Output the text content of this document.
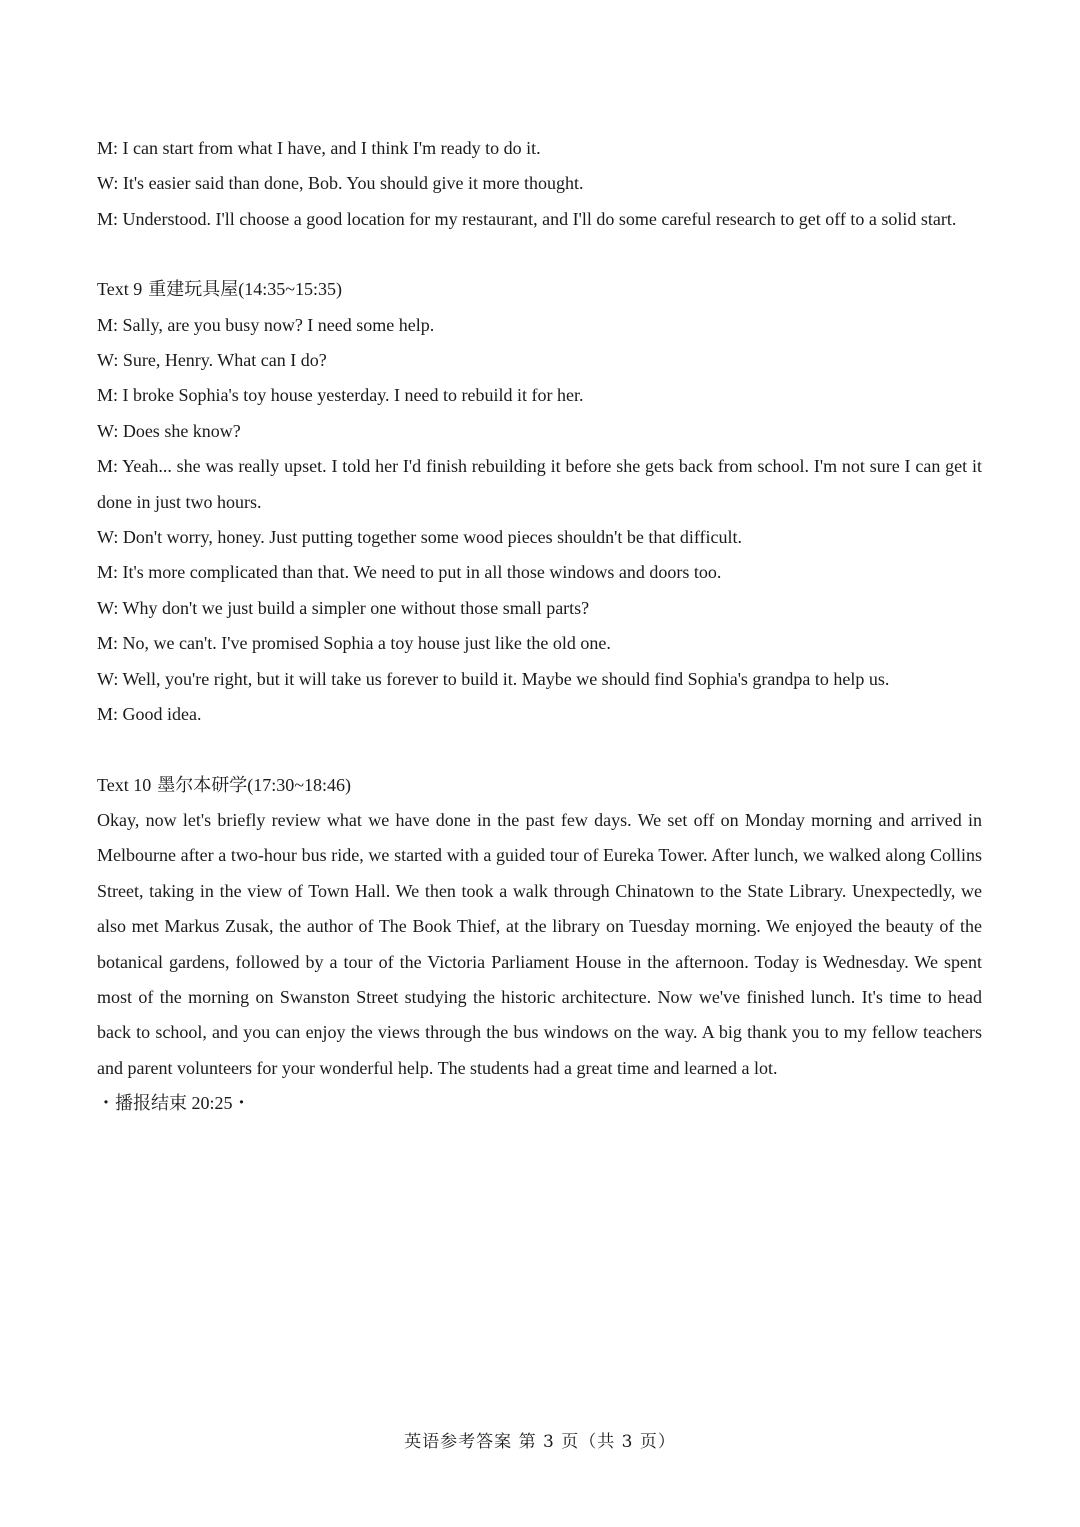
M: I can start from what I have, and I think I'm ready to do it.

W: It's easier said than done, Bob. You should give it more thought.

M: Understood. I'll choose a good location for my restaurant, and I'll do some careful research to get off to a solid start.

Text 9 重建玩具屋(14:35~15:35)

M: Sally, are you busy now? I need some help.

W: Sure, Henry. What can I do?

M: I broke Sophia's toy house yesterday. I need to rebuild it for her.

W: Does she know?

M: Yeah... she was really upset. I told her I'd finish rebuilding it before she gets back from school. I'm not sure I can get it done in just two hours.

W: Don't worry, honey. Just putting together some wood pieces shouldn't be that difficult.

M: It's more complicated than that. We need to put in all those windows and doors too.

W: Why don't we just build a simpler one without those small parts?

M: No, we can't. I've promised Sophia a toy house just like the old one.

W: Well, you're right, but it will take us forever to build it. Maybe we should find Sophia's grandpa to help us.

M: Good idea.

Text 10 墨尔本研学(17:30~18:46)

Okay, now let's briefly review what we have done in the past few days. We set off on Monday morning and arrived in Melbourne after a two-hour bus ride, we started with a guided tour of Eureka Tower. After lunch, we walked along Collins Street, taking in the view of Town Hall. We then took a walk through Chinatown to the State Library. Unexpectedly, we also met Markus Zusak, the author of The Book Thief, at the library on Tuesday morning. We enjoyed the beauty of the botanical gardens, followed by a tour of the Victoria Parliament House in the afternoon. Today is Wednesday. We spent most of the morning on Swanston Street studying the historic architecture. Now we've finished lunch. It's time to head back to school, and you can enjoy the views through the bus windows on the way. A big thank you to my fellow teachers and parent volunteers for your wonderful help. The students had a great time and learned a lot.

・播报结束 20:25・

英语参考答案 第 3 页（共 3 页）
